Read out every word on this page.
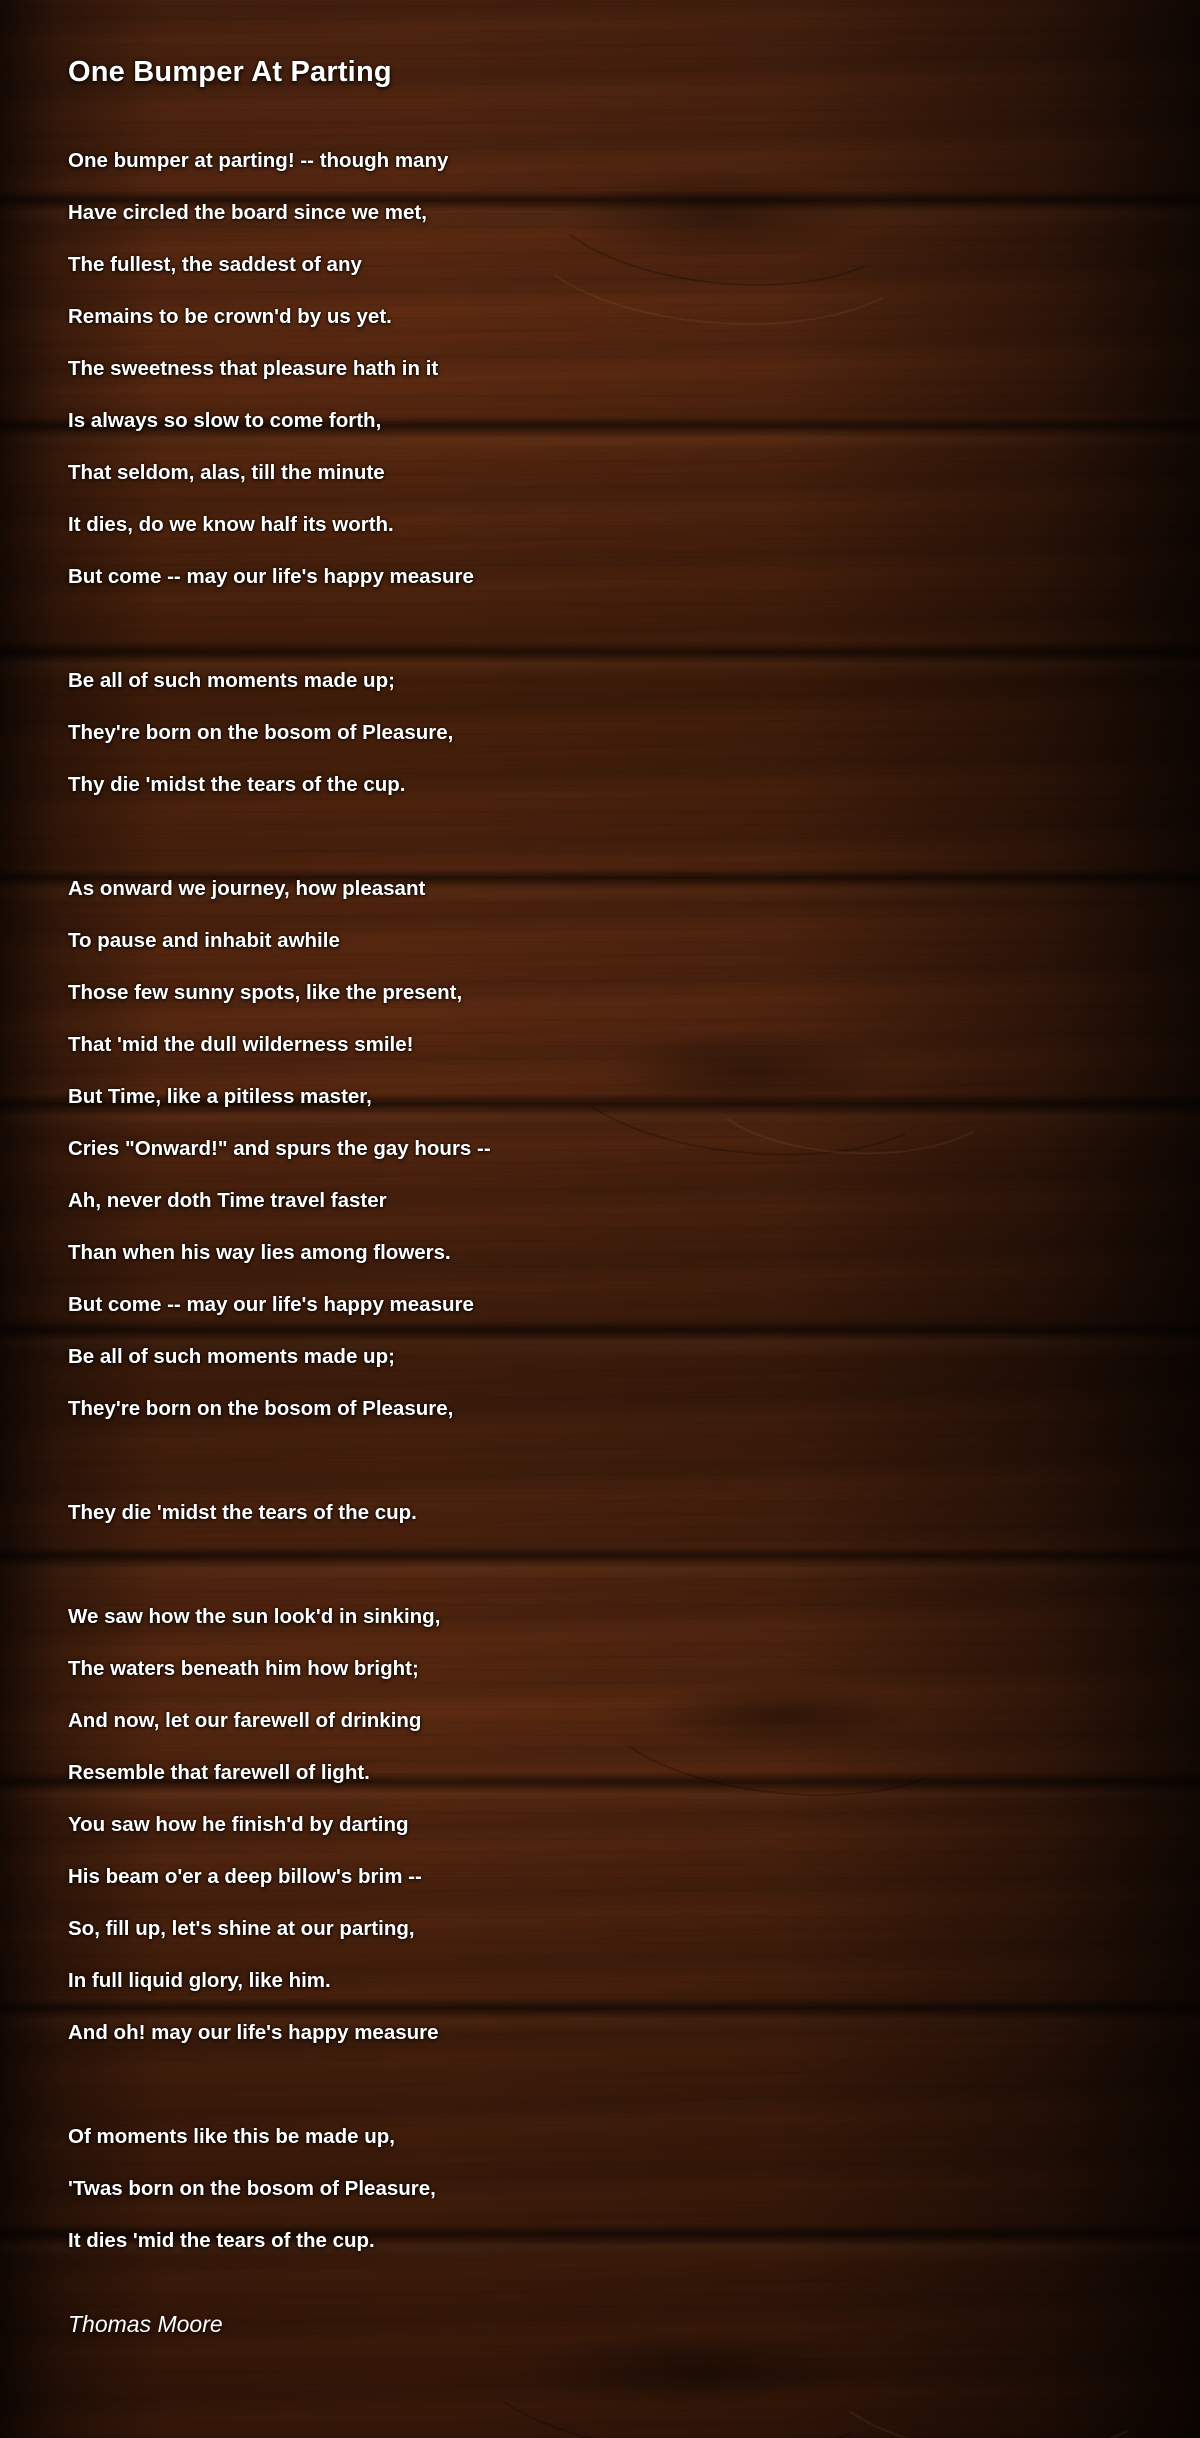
One Bumper At Parting
One bumper at parting! -- though many
Have circled the board since we met,
The fullest, the saddest of any
Remains to be crown'd by us yet.
The sweetness that pleasure hath in it
Is always so slow to come forth,
That seldom, alas, till the minute
It dies, do we know half its worth.
But come -- may our life's happy measure
Be all of such moments made up;
They're born on the bosom of Pleasure,
Thy die 'midst the tears of the cup.
As onward we journey, how pleasant
To pause and inhabit awhile
Those few sunny spots, like the present,
That 'mid the dull wilderness smile!
But Time, like a pitiless master,
Cries "Onward!" and spurs the gay hours --
Ah, never doth Time travel faster
Than when his way lies among flowers.
But come -- may our life's happy measure
Be all of such moments made up;
They're born on the bosom of Pleasure,
They die 'midst the tears of the cup.
We saw how the sun look'd in sinking,
The waters beneath him how bright;
And now, let our farewell of drinking
Resemble that farewell of light.
You saw how he finish'd by darting
His beam o'er a deep billow's brim --
So, fill up, let's shine at our parting,
In full liquid glory, like him.
And oh! may our life's happy measure
Of moments like this be made up,
'Twas born on the bosom of Pleasure,
It dies 'mid the tears of the cup.
Thomas Moore
